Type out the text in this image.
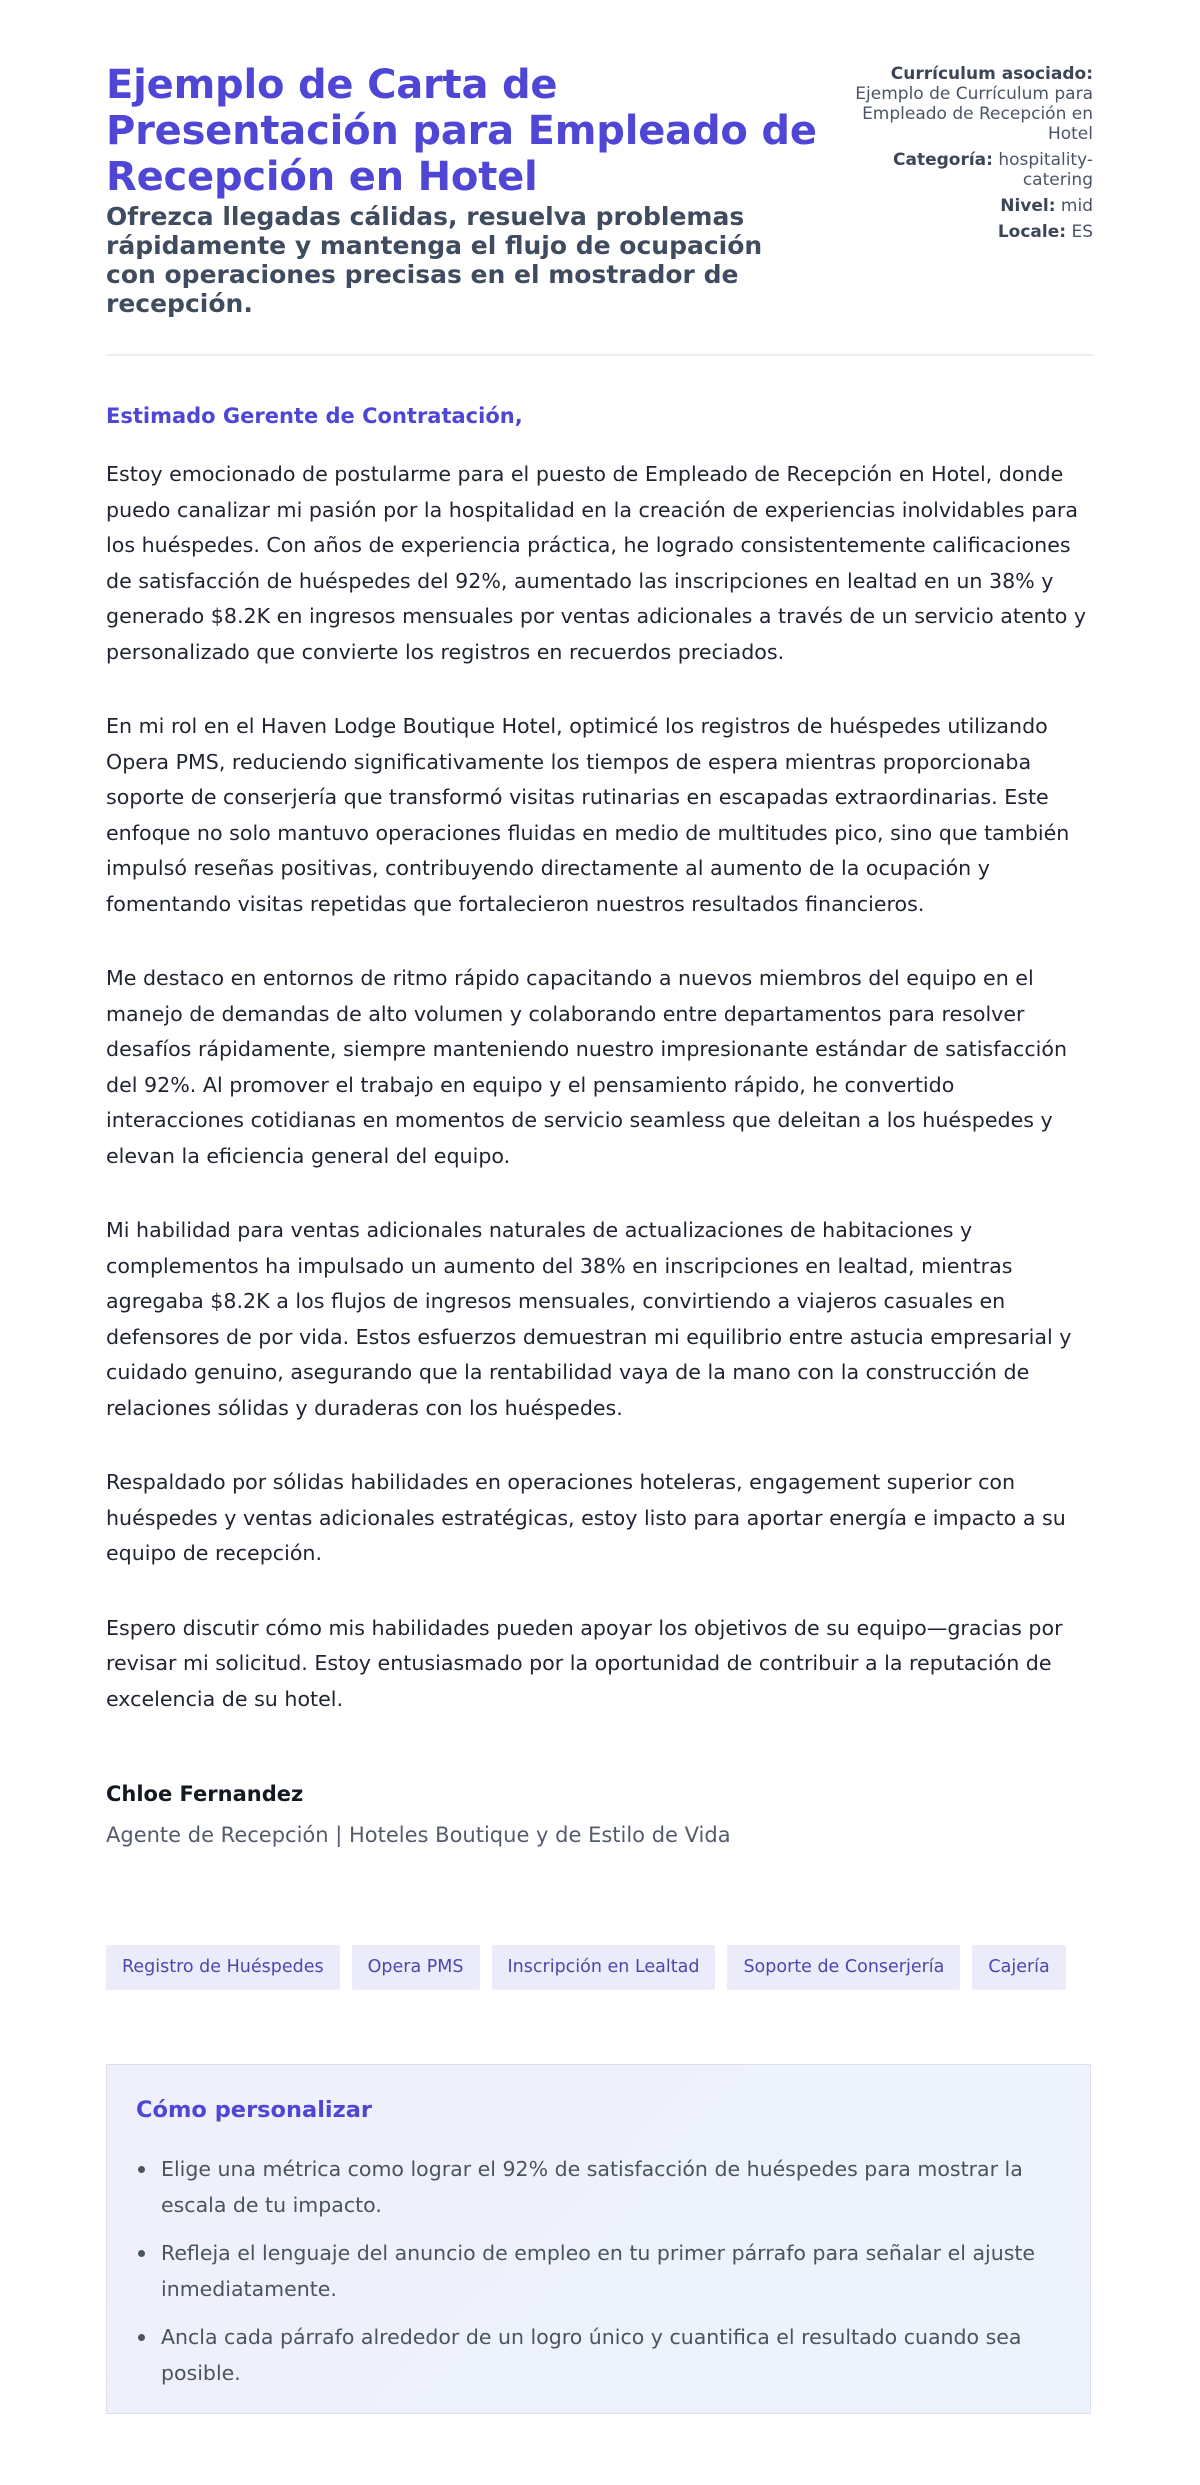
Ejemplo de Carta de Presentación para Empleado de Recepción en Hotel

Ofrezca llegadas cálidas, resuelva problemas rápidamente y mantenga el flujo de ocupación con operaciones precisas en el mostrador de recepción.

Currículum asociado: Ejemplo de Currículum para Empleado de Recepción en Hotel
Categoría: hospitality-catering
Nivel: mid
Locale: ES

Estimado Gerente de Contratación,

Estoy emocionado de postularme para el puesto de Empleado de Recepción en Hotel, donde puedo canalizar mi pasión por la hospitalidad en la creación de experiencias inolvidables para los huéspedes. Con años de experiencia práctica, he logrado consistentemente calificaciones de satisfacción de huéspedes del 92%, aumentado las inscripciones en lealtad en un 38% y generado $8.2K en ingresos mensuales por ventas adicionales a través de un servicio atento y personalizado que convierte los registros en recuerdos preciados.

En mi rol en el Haven Lodge Boutique Hotel, optimicé los registros de huéspedes utilizando Opera PMS, reduciendo significativamente los tiempos de espera mientras proporcionaba soporte de conserjería que transformó visitas rutinarias en escapadas extraordinarias. Este enfoque no solo mantuvo operaciones fluidas en medio de multitudes pico, sino que también impulsó reseñas positivas, contribuyendo directamente al aumento de la ocupación y fomentando visitas repetidas que fortalecieron nuestros resultados financieros.

Me destaco en entornos de ritmo rápido capacitando a nuevos miembros del equipo en el manejo de demandas de alto volumen y colaborando entre departamentos para resolver desafíos rápidamente, siempre manteniendo nuestro impresionante estándar de satisfacción del 92%. Al promover el trabajo en equipo y el pensamiento rápido, he convertido interacciones cotidianas en momentos de servicio seamless que deleitan a los huéspedes y elevan la eficiencia general del equipo.

Mi habilidad para ventas adicionales naturales de actualizaciones de habitaciones y complementos ha impulsado un aumento del 38% en inscripciones en lealtad, mientras agregaba $8.2K a los flujos de ingresos mensuales, convirtiendo a viajeros casuales en defensores de por vida. Estos esfuerzos demuestran mi equilibrio entre astucia empresarial y cuidado genuino, asegurando que la rentabilidad vaya de la mano con la construcción de relaciones sólidas y duraderas con los huéspedes.

Respaldado por sólidas habilidades en operaciones hoteleras, engagement superior con huéspedes y ventas adicionales estratégicas, estoy listo para aportar energía e impacto a su equipo de recepción.

Espero discutir cómo mis habilidades pueden apoyar los objetivos de su equipo—gracias por revisar mi solicitud. Estoy entusiasmado por la oportunidad de contribuir a la reputación de excelencia de su hotel.

Chloe Fernandez
Agente de Recepción | Hoteles Boutique y de Estilo de Vida
Registro de Huéspedes	Opera PMS	Inscripción en Lealtad	Soporte de Conserjería	Cajería
Cómo personalizar
Elige una métrica como lograr el 92% de satisfacción de huéspedes para mostrar la escala de tu impacto.
Refleja el lenguaje del anuncio de empleo en tu primer párrafo para señalar el ajuste inmediatamente.
Ancla cada párrafo alrededor de un logro único y cuantifica el resultado cuando sea posible.
